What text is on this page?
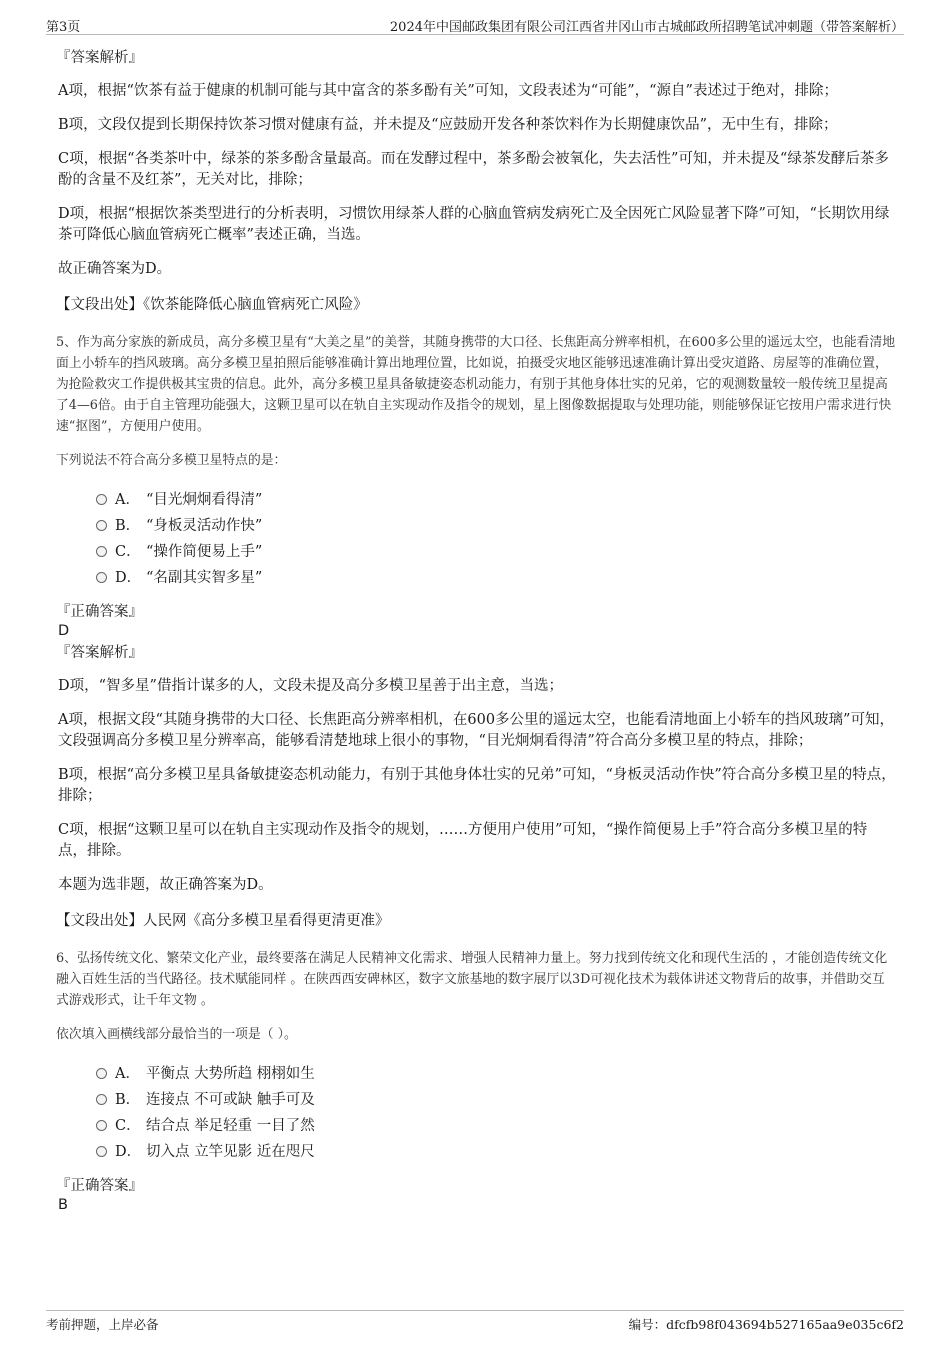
第3页	2024年中国邮政集团有限公司江西省井冈山市古城邮政所招聘笔试冲刺题（带答案解析）
『答案解析』

A项，根据“饮茶有益于健康的机制可能与其中富含的茶多酚有关”可知，文段表述为“可能”，“源自”表述过于绝对，排除；

B项，文段仅提到长期保持饮茶习惯对健康有益，并未提及“应鼓励开发各种茶饮料作为长期健康饮品”，无中生有，排除；

C项，根据“各类茶叶中，绿茶的茶多酚含量最高。而在发酵过程中，茶多酚会被氧化，失去活性”可知，并未提及“绿茶发酵后茶多酚的含量不及红茶”，无关对比，排除；

D项，根据“根据饮茶类型进行的分析表明，习惯饮用绿茶人群的心脑血管病发病死亡及全因死亡风险显著下降”可知，“长期饮用绿茶可降低心脑血管病死亡概率”表述正确，当选。

故正确答案为D。

【文段出处】《饮茶能降低心脑血管病死亡风险》

5、作为高分家族的新成员，高分多模卫星有“大美之星”的美誉，其随身携带的大口径、长焦距高分辨率相机，在600多公里的遥远太空，也能看清地面上小轿车的挡风玻璃。高分多模卫星拍照后能够准确计算出地理位置，比如说，拍摄受灾地区能够迅速准确计算出受灾道路、房屋等的准确位置，为抢险救灾工作提供极其宝贵的信息。此外，高分多模卫星具备敏捷姿态机动能力，有别于其他身体壮实的兄弟，它的观测数量较一般传统卫星提高了4—6倍。由于自主管理功能强大，这颗卫星可以在轨自主实现动作及指令的规划，星上图像数据提取与处理功能，则能够保证它按用户需求进行快速“抠图”，方便用户使用。

下列说法不符合高分多模卫星特点的是：
A． “目光炯炯看得清”
B． “身板灵活动作快”
C． “操作简便易上手”
D． “名副其实智多星”
『正确答案』
D
『答案解析』

D项，“智多星”借指计谋多的人，文段未提及高分多模卫星善于出主意，当选；

A项，根据文段“其随身携带的大口径、长焦距高分辨率相机，在600多公里的遥远太空，也能看清地面上小轿车的挡风玻璃”可知，文段强调高分多模卫星分辨率高，能够看清楚地球上很小的事物，“目光炯炯看得清”符合高分多模卫星的特点，排除；

B项，根据“高分多模卫星具备敏捷姿态机动能力，有别于其他身体壮实的兄弟”可知，“身板灵活动作快”符合高分多模卫星的特点，排除；

C项，根据“这颗卫星可以在轨自主实现动作及指令的规划，……方便用户使用”可知，“操作简便易上手”符合高分多模卫星的特点，排除。

本题为选非题，故正确答案为D。

【文段出处】人民网《高分多模卫星看得更清更准》

6、弘扬传统文化、繁荣文化产业，最终要落在满足人民精神文化需求、增强人民精神力量上。努力找到传统文化和现代生活的 ，才能创造传统文化融入百姓生活的当代路径。技术赋能同样 。在陕西西安碑林区，数字文旅基地的数字展厅以3D可视化技术为载体讲述文物背后的故事，并借助交互式游戏形式，让千年文物 。

依次填入画横线部分最恰当的一项是（ ）。
A． 平衡点 大势所趋 栩栩如生
B． 连接点 不可或缺 触手可及
C． 结合点 举足轻重 一目了然
D． 切入点 立竿见影 近在咫尺
『正确答案』
B
考前押题，上岸必备	编号：dfcfb98f043694b527165aa9e035c6f2
